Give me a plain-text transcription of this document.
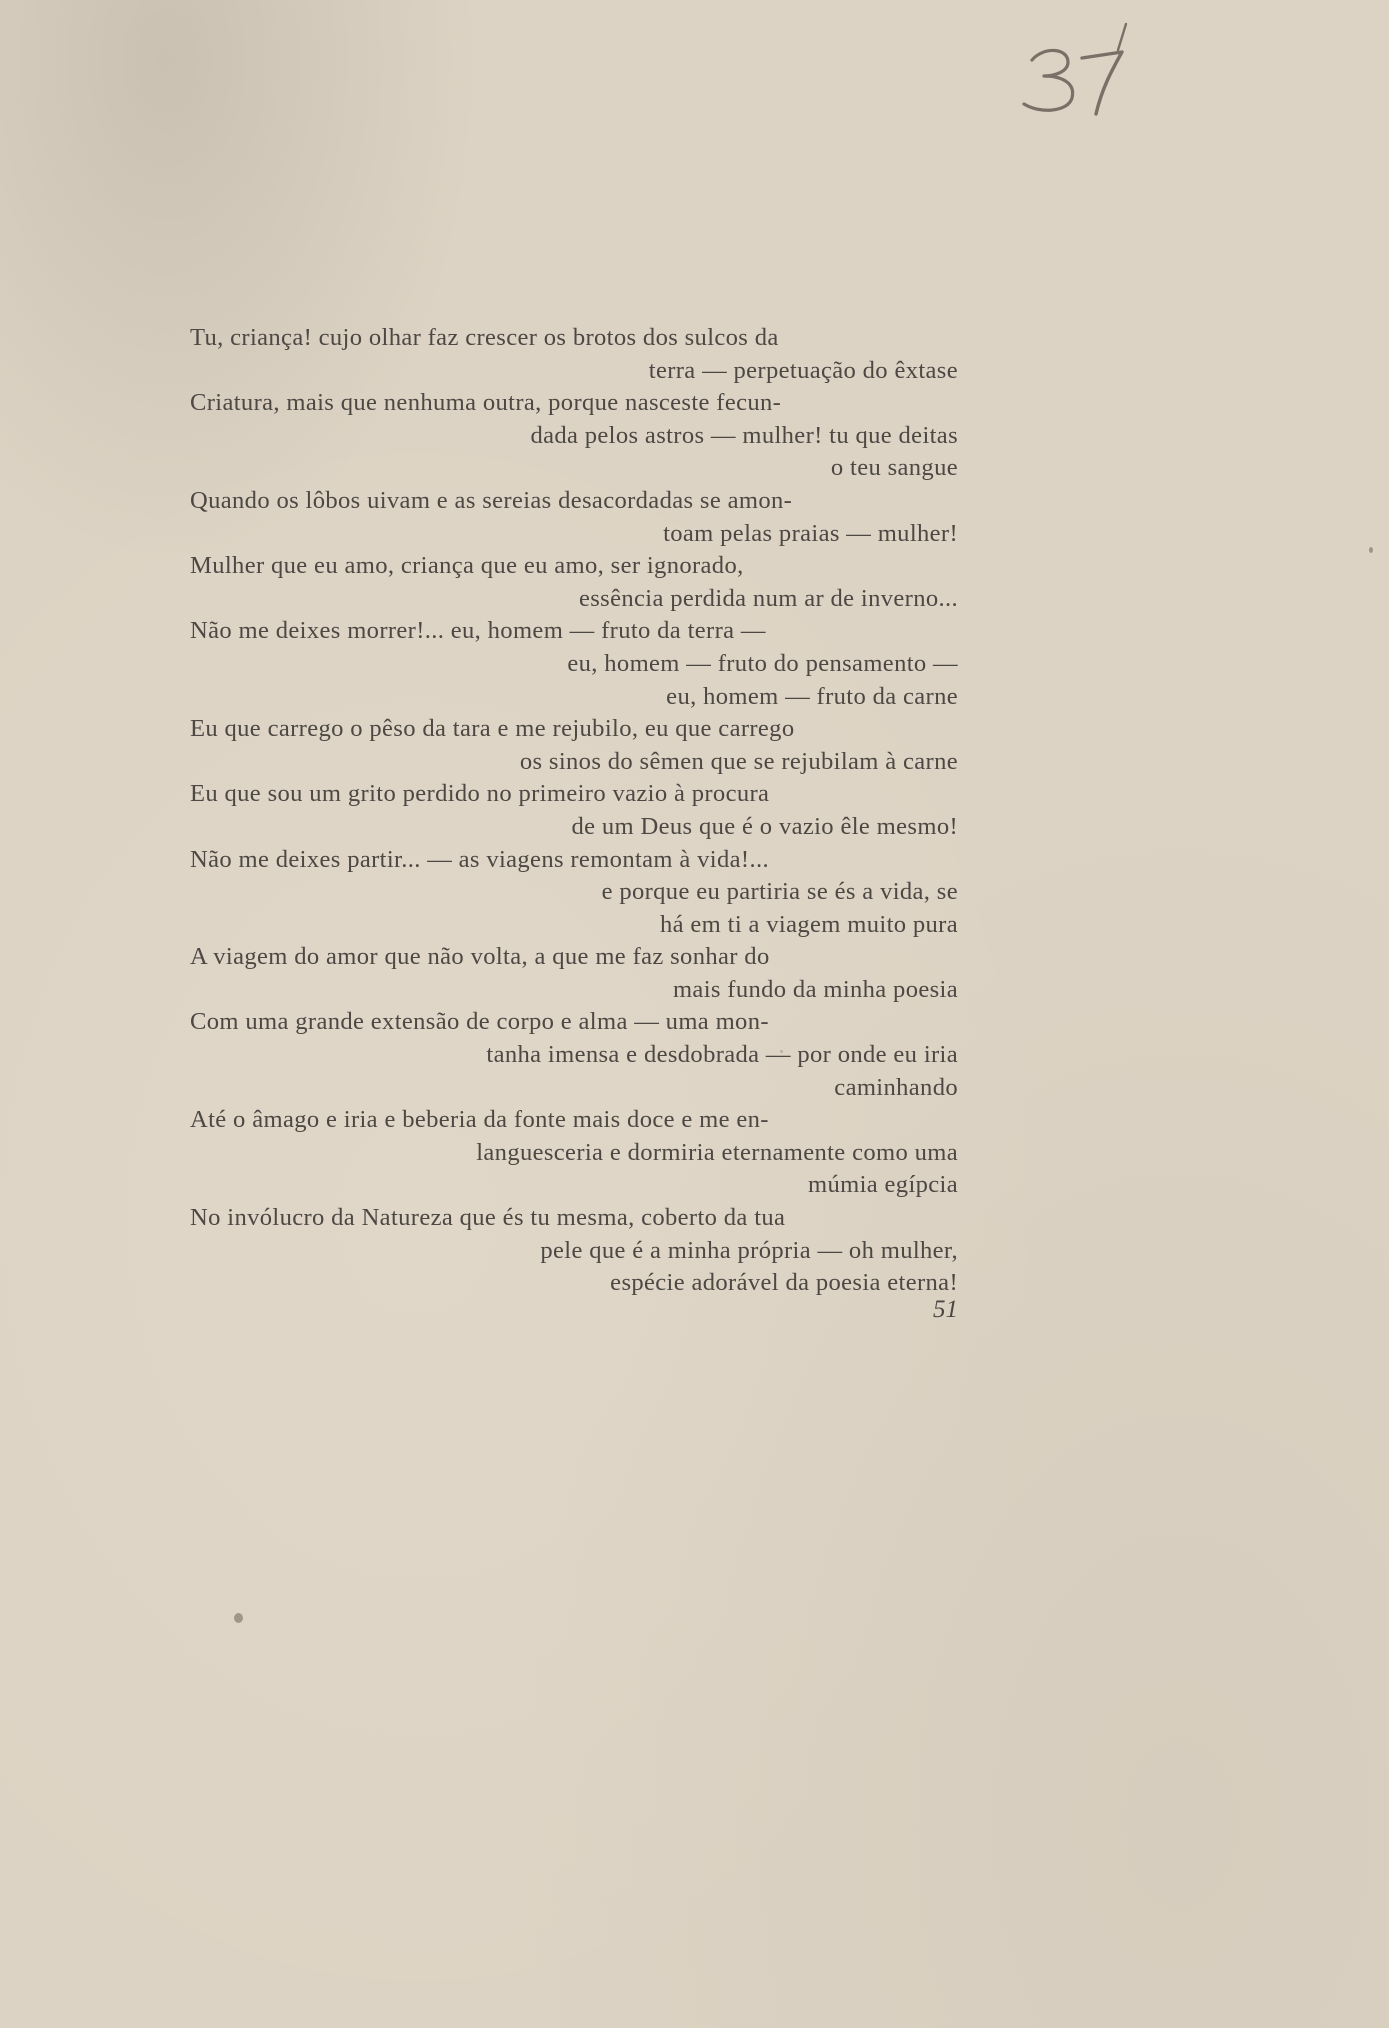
Tu, criança! cujo olhar faz crescer os brotos dos sulcos da
terra — perpetuação do êxtase
Criatura, mais que nenhuma outra, porque nasceste fecun-
dada pelos astros — mulher! tu que deitas
o teu sangue
Quando os lôbos uivam e as sereias desacordadas se amon-
toam pelas praias — mulher!
Mulher que eu amo, criança que eu amo, ser ignorado,
essência perdida num ar de inverno...
Não me deixes morrer!... eu, homem — fruto da terra —
eu, homem — fruto do pensamento —
eu, homem — fruto da carne
Eu que carrego o pêso da tara e me rejubilo, eu que carrego
os sinos do sêmen que se rejubilam à carne
Eu que sou um grito perdido no primeiro vazio à procura
de um Deus que é o vazio êle mesmo!
Não me deixes partir... — as viagens remontam à vida!...
e porque eu partiria se és a vida, se
há em ti a viagem muito pura
A viagem do amor que não volta, a que me faz sonhar do
mais fundo da minha poesia
Com uma grande extensão de corpo e alma — uma mon-
tanha imensa e desdobrada — por onde eu iria
caminhando
Até o âmago e iria e beberia da fonte mais doce e me en-
languesceria e dormiria eternamente como uma
múmia egípcia
No invólucro da Natureza que és tu mesma, coberto da tua
pele que é a minha própria — oh mulher,
espécie adorável da poesia eterna!
51
